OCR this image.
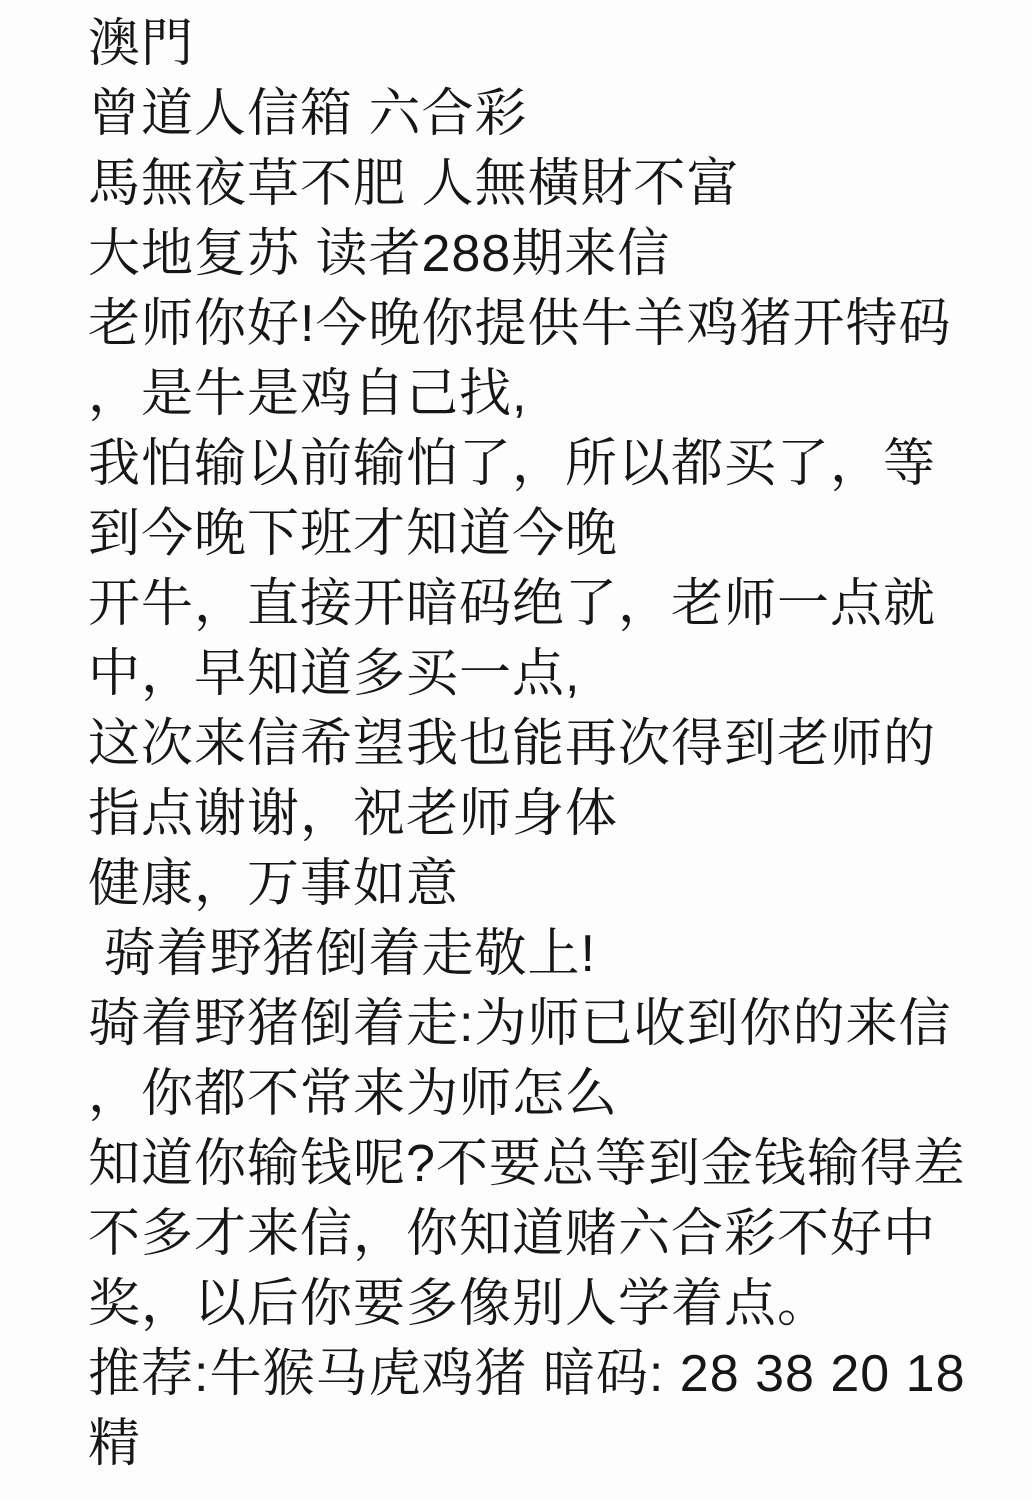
澳門
曾道人信箱 六合彩
馬無夜草不肥 人無橫財不富
大地复苏 读者288期来信
老师你好!今晚你提供牛羊鸡猪开特码
，是牛是鸡自己找,
我怕输以前输怕了，所以都买了，等
到今晚下班才知道今晚
开牛，直接开暗码绝了，老师一点就
中，早知道多买一点,
这次来信希望我也能再次得到老师的
指点谢谢，祝老师身体
健康，万事如意
骑着野猪倒着走敬上!
骑着野猪倒着走:为师已收到你的来信
，你都不常来为师怎么
知道你输钱呢?不要总等到金钱输得差
不多才来信，你知道赌六合彩不好中
奖，以后你要多像别人学着点。
推荐:牛猴马虎鸡猪 暗码: 28 38 20 18
精
